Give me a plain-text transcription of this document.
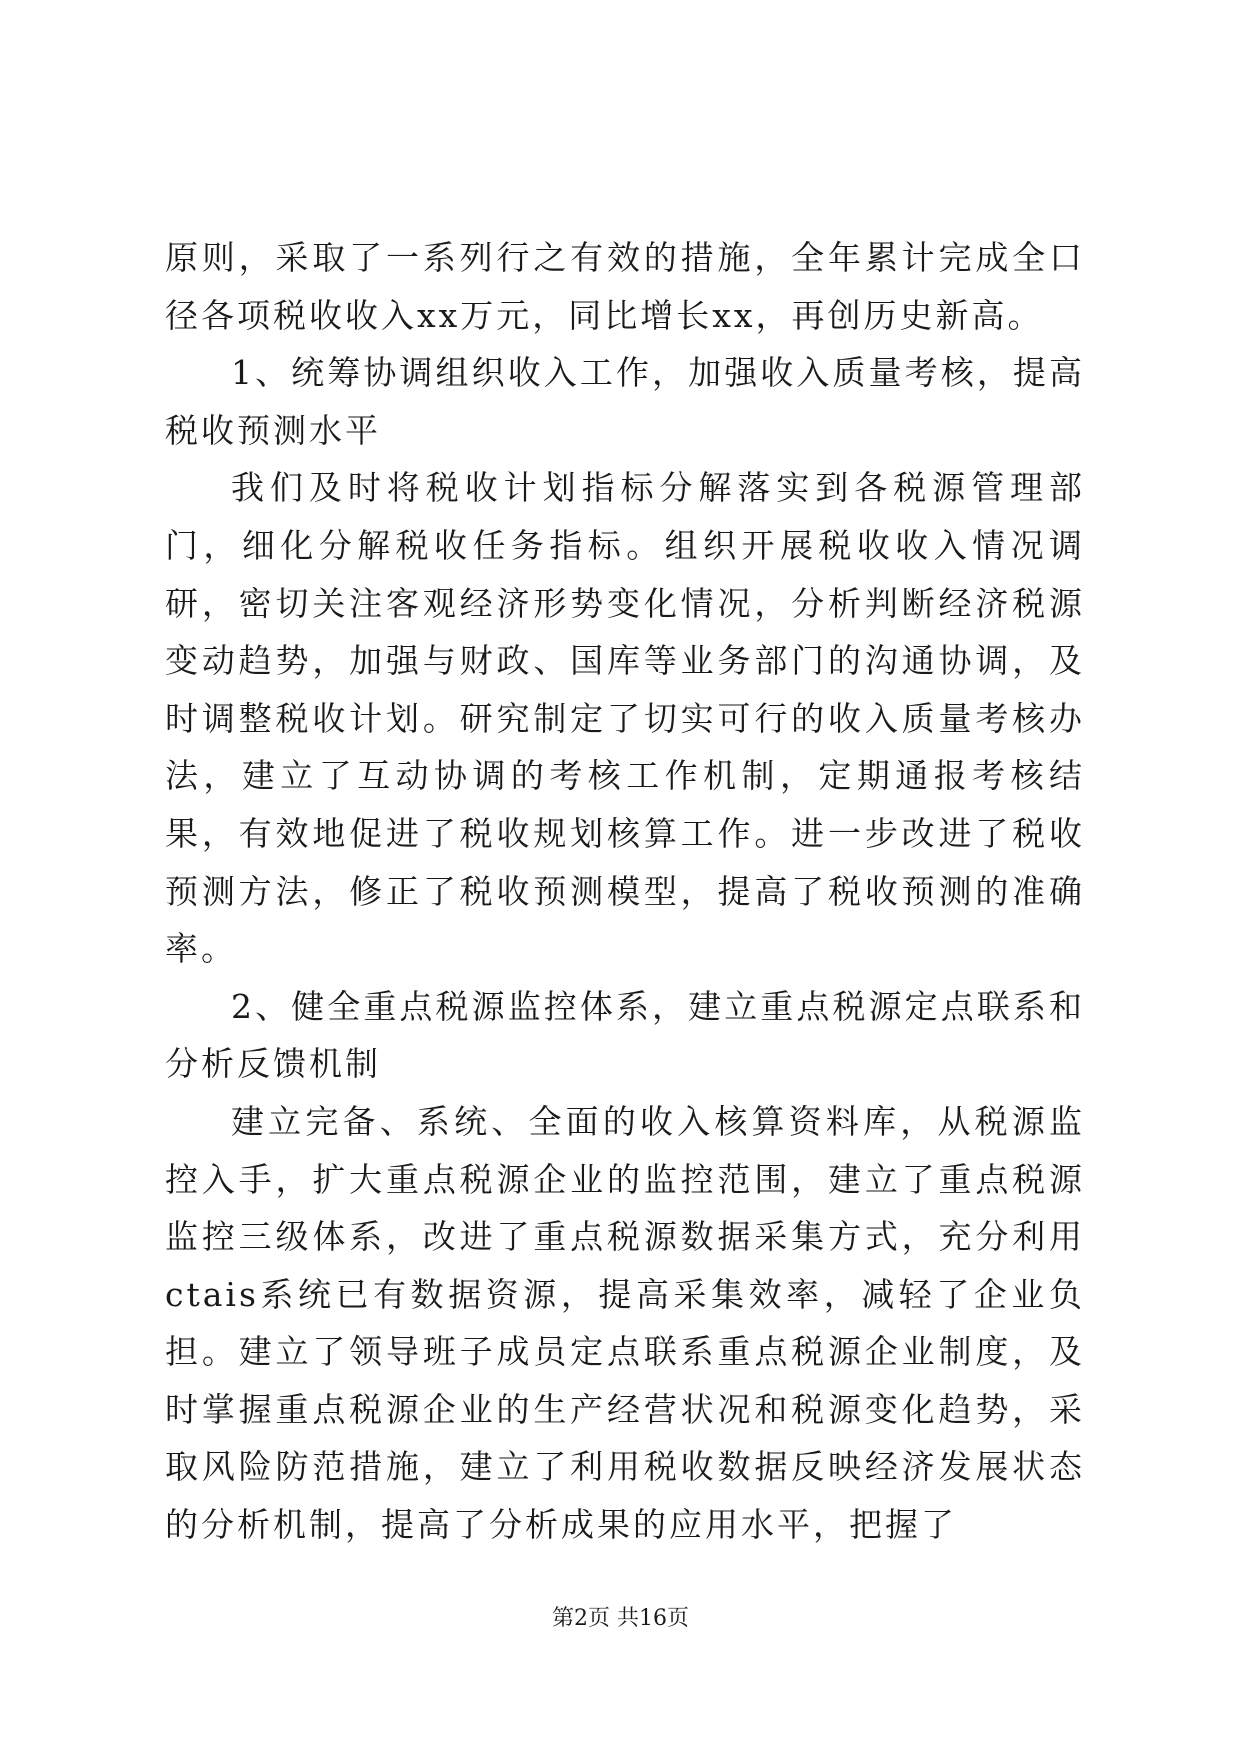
原则，采取了一系列行之有效的措施，全年累计完成全口径各项税收收入xx万元，同比增长xx，再创历史新高。

1、统筹协调组织收入工作，加强收入质量考核，提高税收预测水平

我们及时将税收计划指标分解落实到各税源管理部门，细化分解税收任务指标。组织开展税收收入情况调研，密切关注客观经济形势变化情况，分析判断经济税源变动趋势，加强与财政、国库等业务部门的沟通协调，及时调整税收计划。研究制定了切实可行的收入质量考核办法，建立了互动协调的考核工作机制，定期通报考核结果，有效地促进了税收规划核算工作。进一步改进了税收预测方法，修正了税收预测模型，提高了税收预测的准确率。

2、健全重点税源监控体系，建立重点税源定点联系和分析反馈机制

建立完备、系统、全面的收入核算资料库，从税源监控入手，扩大重点税源企业的监控范围，建立了重点税源监控三级体系，改进了重点税源数据采集方式，充分利用ctais系统已有数据资源，提高采集效率，减轻了企业负担。建立了领导班子成员定点联系重点税源企业制度，及时掌握重点税源企业的生产经营状况和税源变化趋势，采取风险防范措施，建立了利用税收数据反映经济发展状态的分析机制，提高了分析成果的应用水平，把握了

第2页 共16页
